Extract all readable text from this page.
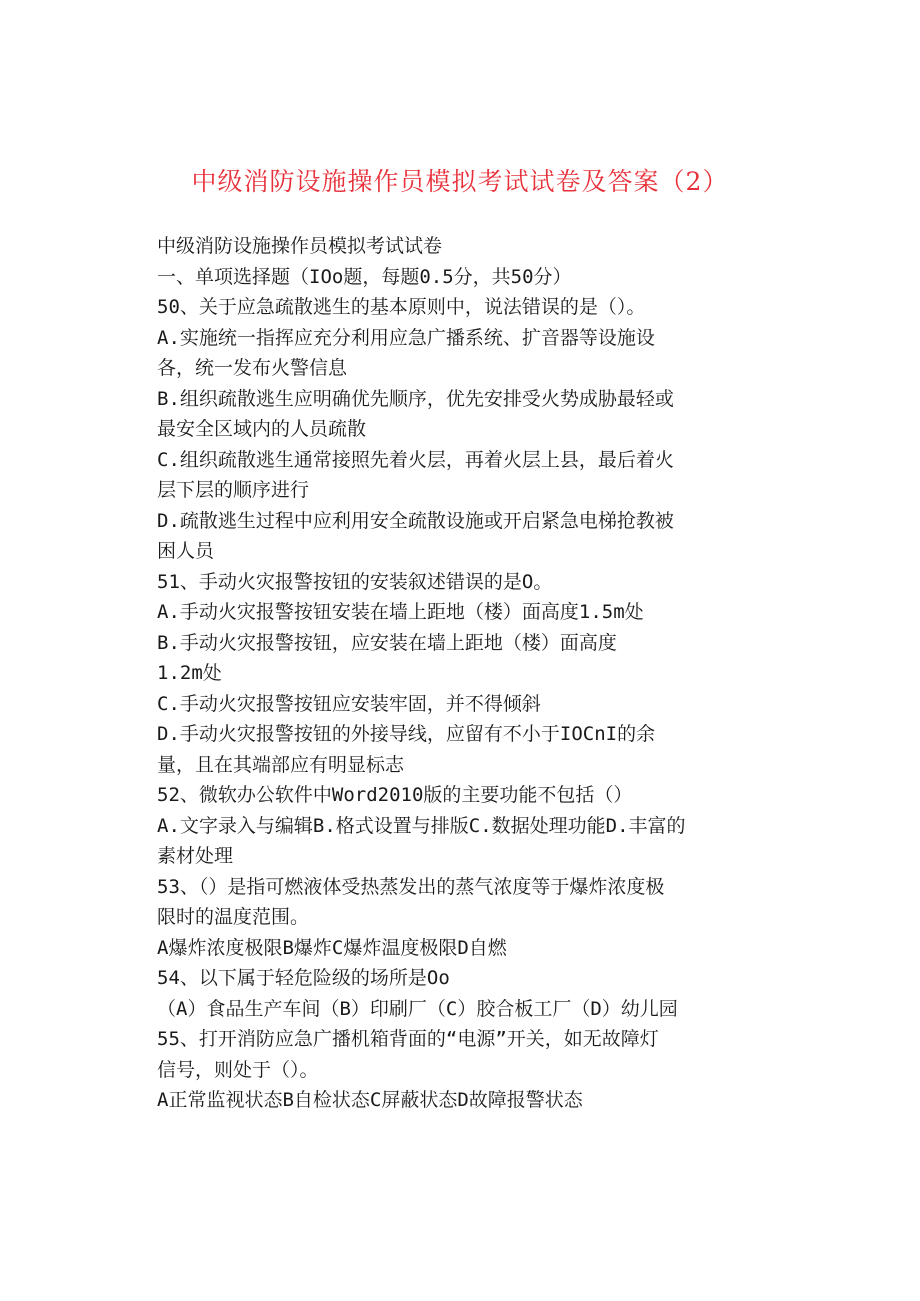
中级消防设施操作员模拟考试试卷及答案（2）
中级消防设施操作员模拟考试试卷
一、单项选择题（IOo题，每题0.5分，共50分）
50、关于应急疏散逃生的基本原则中，说法错误的是（）。
A.实施统一指挥应充分利用应急广播系统、扩音器等设施设
各，统一发布火警信息
B.组织疏散逃生应明确优先顺序，优先安排受火势成胁最轻或
最安全区域内的人员疏散
C.组织疏散逃生通常接照先着火层，再着火层上县，最后着火
层下层的顺序进行
D.疏散逃生过程中应利用安全疏散设施或开启紧急电梯抢教被
困人员
51、手动火灾报警按钮的安装叙述错误的是O。
A.手动火灾报警按钮安装在墙上距地（楼）面高度1.5m处
B.手动火灾报警按钮，应安装在墙上距地（楼）面高度
1.2m处
C.手动火灾报警按钮应安装牢固，并不得倾斜
D.手动火灾报警按钮的外接导线，应留有不小于IOCnI的余
量，且在其端部应有明显标志
52、微软办公软件中Word2010版的主要功能不包括（）
A.文字录入与编辑B.格式设置与排版C.数据处理功能D.丰富的
素材处理
53、（）是指可燃液体受热蒸发出的蒸气浓度等于爆炸浓度极
限时的温度范围。
A爆炸浓度极限B爆炸C爆炸温度极限D自燃
54、以下属于轻危险级的场所是Oo
（A）食品生产车间（B）印刷厂（C）胶合板工厂（D）幼儿园
55、打开消防应急广播机箱背面的“电源”开关，如无故障灯
信号，则处于（）。
A正常监视状态B自检状态C屏蔽状态D故障报警状态
